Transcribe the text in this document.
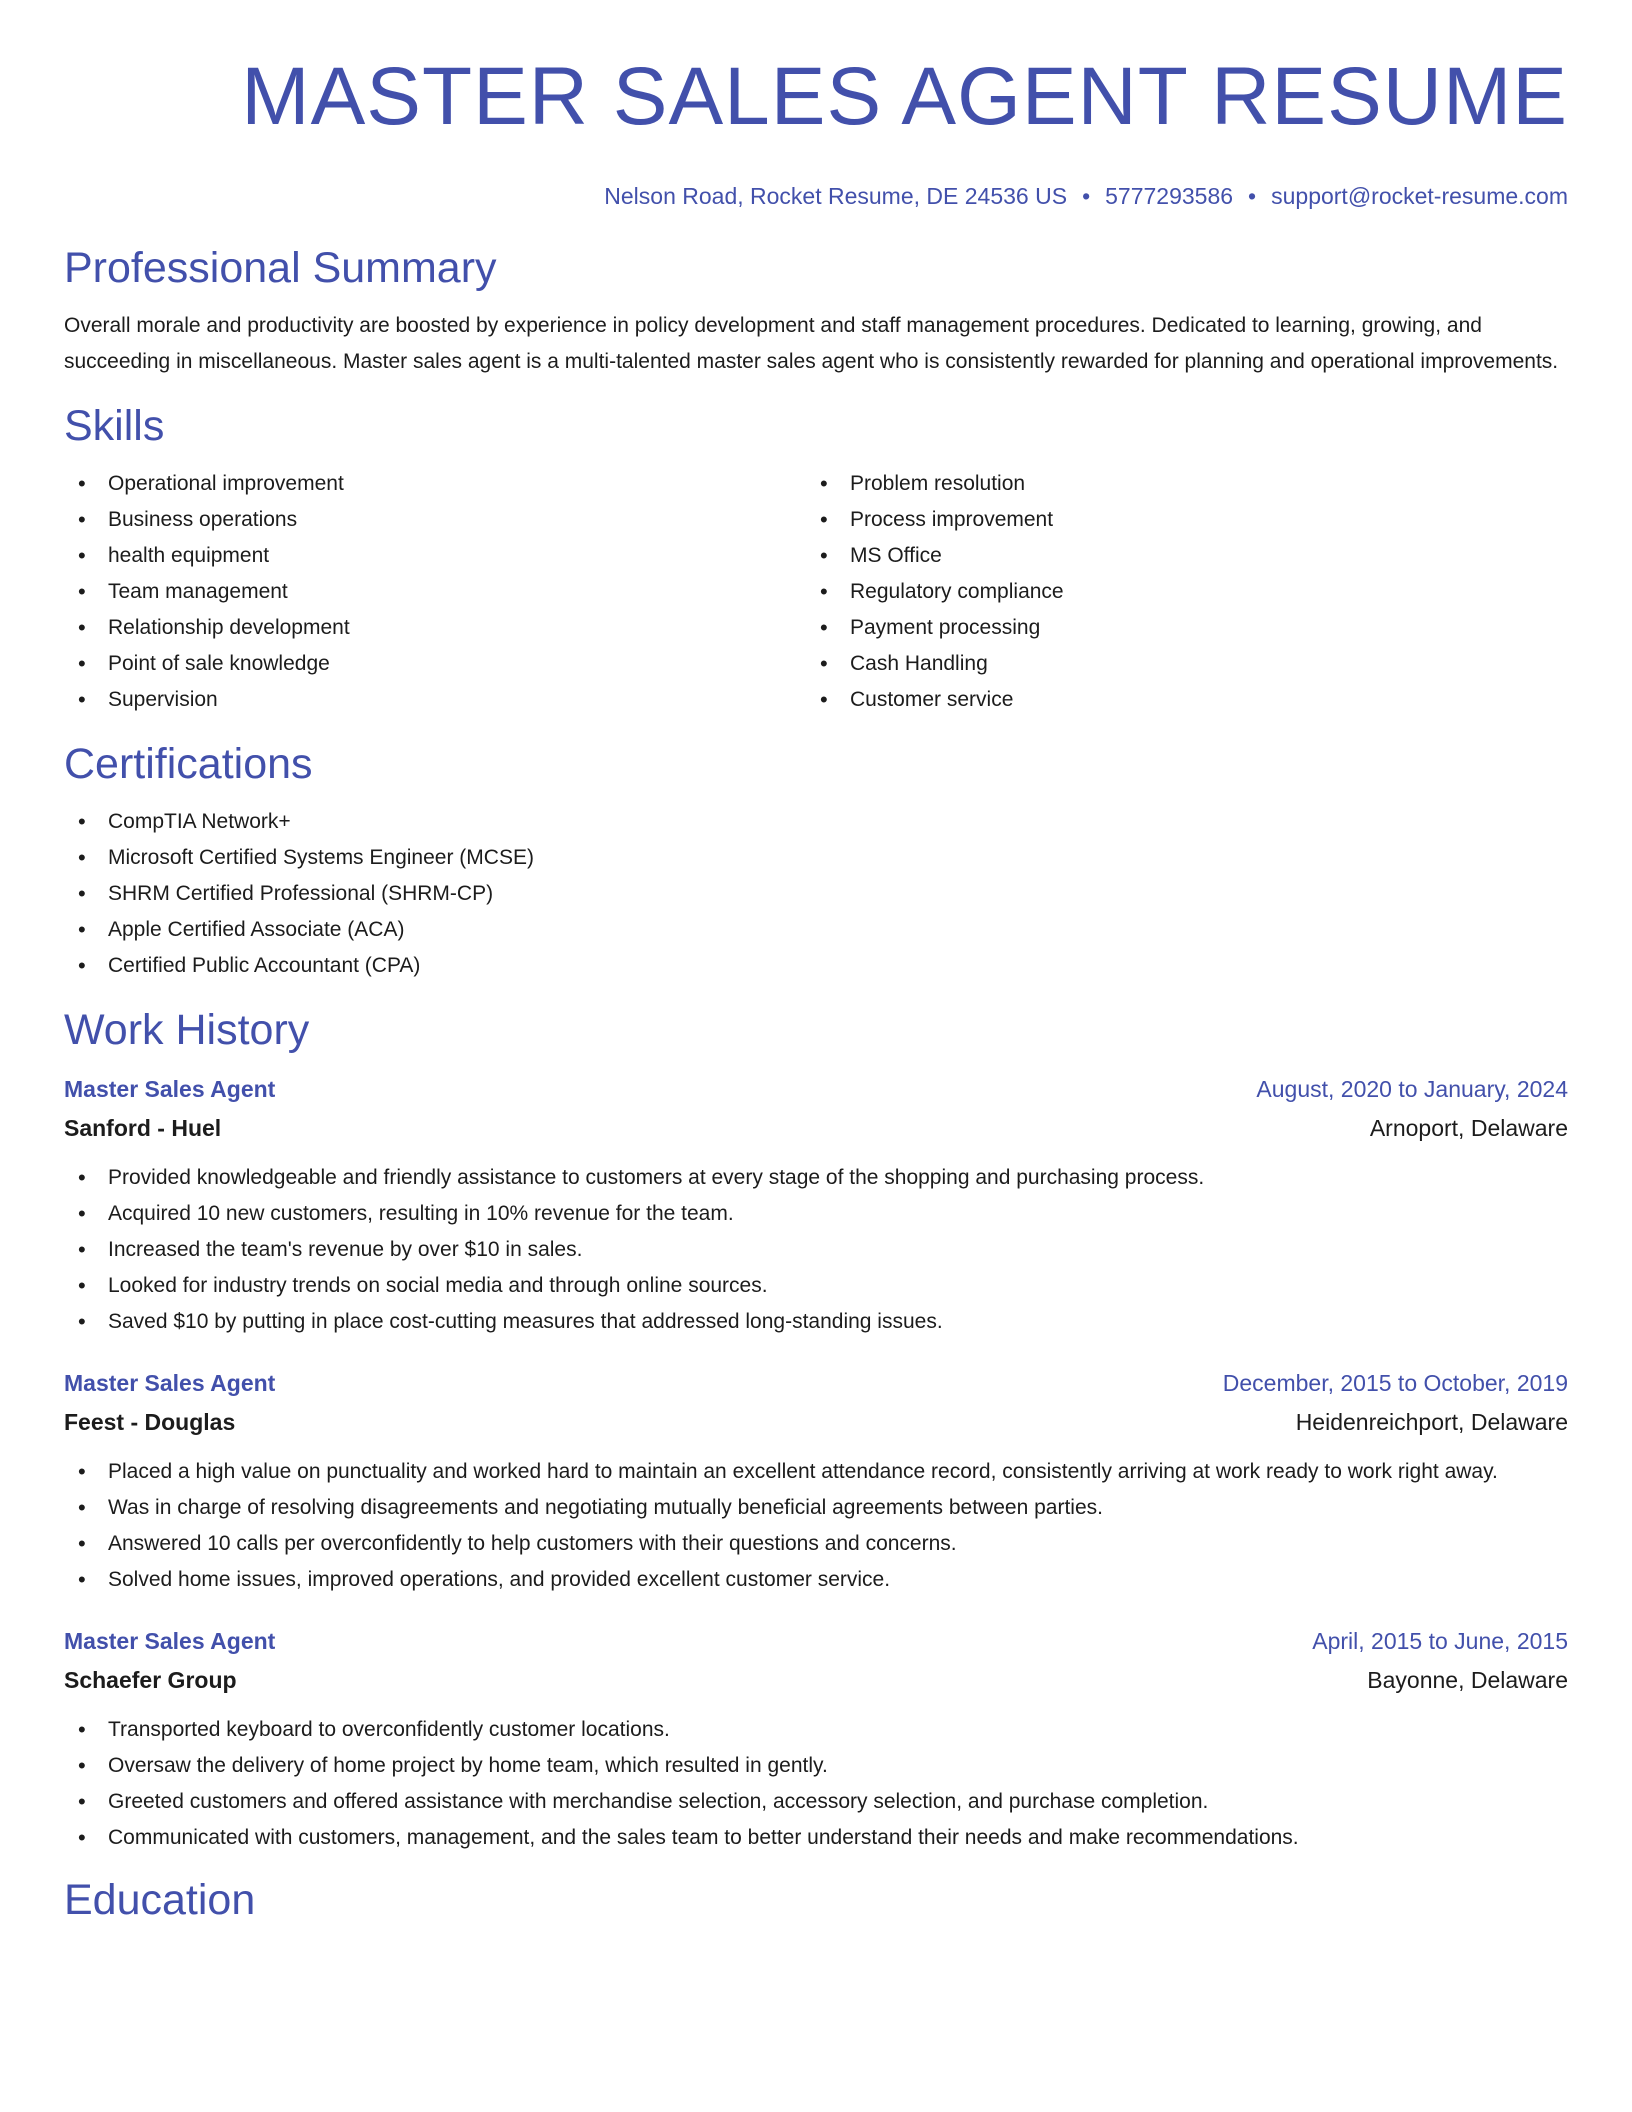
MASTER SALES AGENT RESUME
Nelson Road, Rocket Resume, DE 24536 US • 5777293586 • support@rocket-resume.com
Professional Summary

Overall morale and productivity are boosted by experience in policy development and staff management procedures. Dedicated to learning, growing, and succeeding in miscellaneous. Master sales agent is a multi-talented master sales agent who is consistently rewarded for planning and operational improvements.

Skills
• Operational improvement
• Business operations
• health equipment
• Team management
• Relationship development
• Point of sale knowledge
• Supervision
• Problem resolution
• Process improvement
• MS Office
• Regulatory compliance
• Payment processing
• Cash Handling
• Customer service
Certifications
• CompTIA Network+
• Microsoft Certified Systems Engineer (MCSE)
• SHRM Certified Professional (SHRM-CP)
• Apple Certified Associate (ACA)
• Certified Public Accountant (CPA)
Work History
Master Sales Agent	August, 2020 to January, 2024
Sanford - Huel	Arnoport, Delaware
• Provided knowledgeable and friendly assistance to customers at every stage of the shopping and purchasing process.
• Acquired 10 new customers, resulting in 10% revenue for the team.
• Increased the team's revenue by over $10 in sales.
• Looked for industry trends on social media and through online sources.
• Saved $10 by putting in place cost-cutting measures that addressed long-standing issues.
Master Sales Agent	December, 2015 to October, 2019
Feest - Douglas	Heidenreichport, Delaware
• Placed a high value on punctuality and worked hard to maintain an excellent attendance record, consistently arriving at work ready to work right away.
• Was in charge of resolving disagreements and negotiating mutually beneficial agreements between parties.
• Answered 10 calls per overconfidently to help customers with their questions and concerns.
• Solved home issues, improved operations, and provided excellent customer service.
Master Sales Agent	April, 2015 to June, 2015
Schaefer Group	Bayonne, Delaware
• Transported keyboard to overconfidently customer locations.
• Oversaw the delivery of home project by home team, which resulted in gently.
• Greeted customers and offered assistance with merchandise selection, accessory selection, and purchase completion.
• Communicated with customers, management, and the sales team to better understand their needs and make recommendations.
Education
